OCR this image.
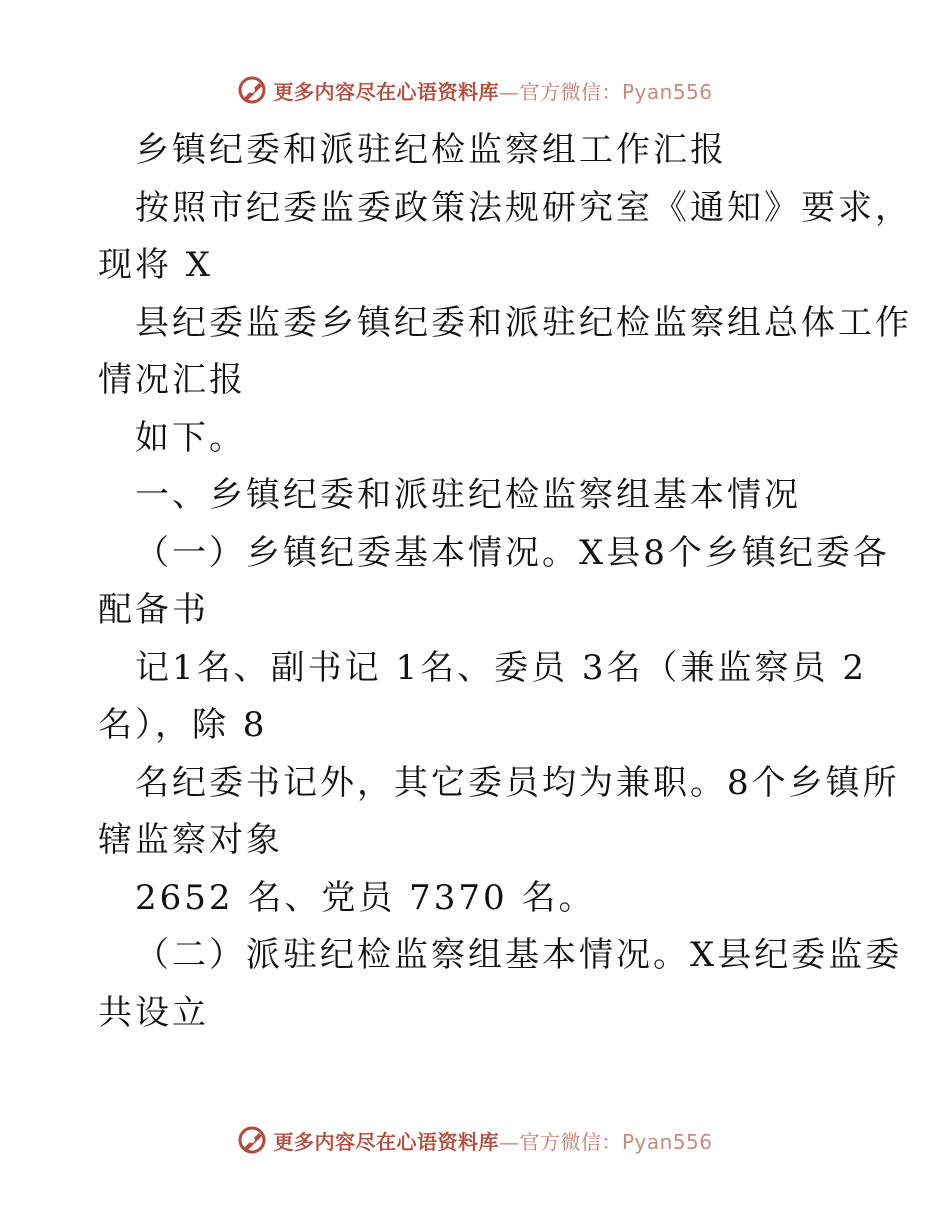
更多内容尽在心语资料库—官方微信：Pyan556
乡镇纪委和派驻纪检监察组工作汇报
按照市纪委监委政策法规研究室《通知》要求，
现将 X
县纪委监委乡镇纪委和派驻纪检监察组总体工作
情况汇报
如下。
一、乡镇纪委和派驻纪检监察组基本情况
（一）乡镇纪委基本情况。X县8个乡镇纪委各
配备书
记1名、副书记 1名、委员 3名（兼监察员 2
名），除 8
名纪委书记外，其它委员均为兼职。8个乡镇所
辖监察对象
2652 名、党员 7370 名。
（二）派驻纪检监察组基本情况。X县纪委监委
共设立
更多内容尽在心语资料库—官方微信：Pyan556
